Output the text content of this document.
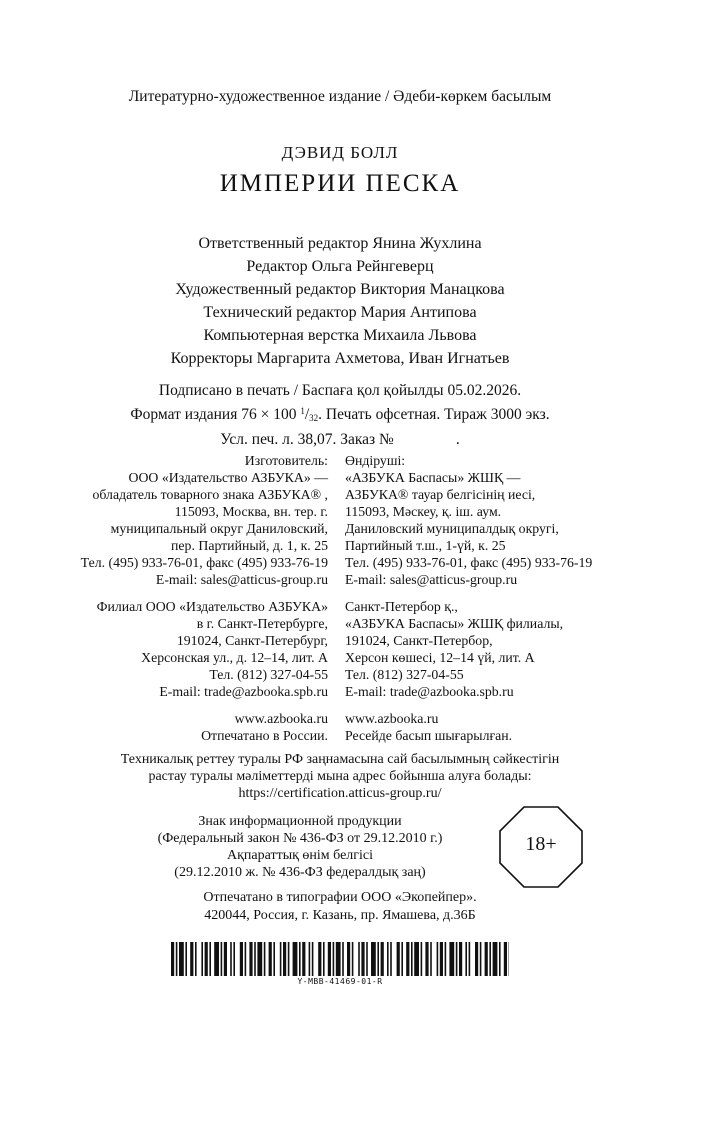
Литературно-художественное издание / Әдеби-көркем басылым
ДЭВИД БОЛЛ
ИМПЕРИИ ПЕСКА
Ответственный редактор Янина Жухлина
Редактор Ольга Рейнгеверц
Художественный редактор Виктория Манацкова
Технический редактор Мария Антипова
Компьютерная верстка Михаила Львова
Корректоры Маргарита Ахметова, Иван Игнатьев
Подписано в печать / Баспаға қол қойылды 05.02.2026.
Формат издания 76 × 100 $^1/_{32}$. Печать офсетная. Тираж 3000 экз.
Усл. печ. л. 38,07. Заказ №	.
Изготовитель:
ООО «Издательство АЗБУКА» —
обладатель товарного знака АЗБУКА® ,
115093, Москва, вн. тер. г.
муниципальный округ Даниловский,
пер. Партийный, д. 1, к. 25
Тел. (495) 933-76-01, факс (495) 933-76-19
E-mail: sales@atticus-group.ru
Филиал ООО «Издательство АЗБУКА»
в г. Санкт-Петербурге,
191024, Санкт-Петербург,
Херсонская ул., д. 12–14, лит. А
Тел. (812) 327-04-55
E-mail: trade@azbooka.spb.ru
www.azbooka.ru
Отпечатано в России.
Өндіруші:
«АЗБУКА Баспасы» ЖШҚ —
АЗБУКА® тауар белгісінің иесі,
115093, Мәскеу, қ. іш. аум.
Даниловский муниципалдық округі,
Партийный т.ш., 1-үй, к. 25
Тел. (495) 933-76-01, факс (495) 933-76-19
E-mail: sales@atticus-group.ru
Санкт-Петербор қ.,
«АЗБУКА Баспасы» ЖШҚ филиалы,
191024, Санкт-Петербор,
Херсон көшесі, 12–14 үй, лит. А
Тел. (812) 327-04-55
E-mail: trade@azbooka.spb.ru
www.azbooka.ru
Ресейде басып шығарылған.
Техникалық реттеу туралы РФ заңнамасына сай басылымның сәйкестігін
растау туралы мәліметтерді мына адрес бойынша алуға болады:
https://certification.atticus-group.ru/
Знак информационной продукции
(Федеральный закон № 436-ФЗ от 29.12.2010 г.)
Ақпараттық өнім белгісі
(29.12.2010 ж. № 436-ФЗ федералдық заң)
18+
Отпечатано в типографии ООО «Экопейпер».
420044, Россия, г. Казань, пр. Ямашева, д.36Б
Y-MBB-41469-01-R
